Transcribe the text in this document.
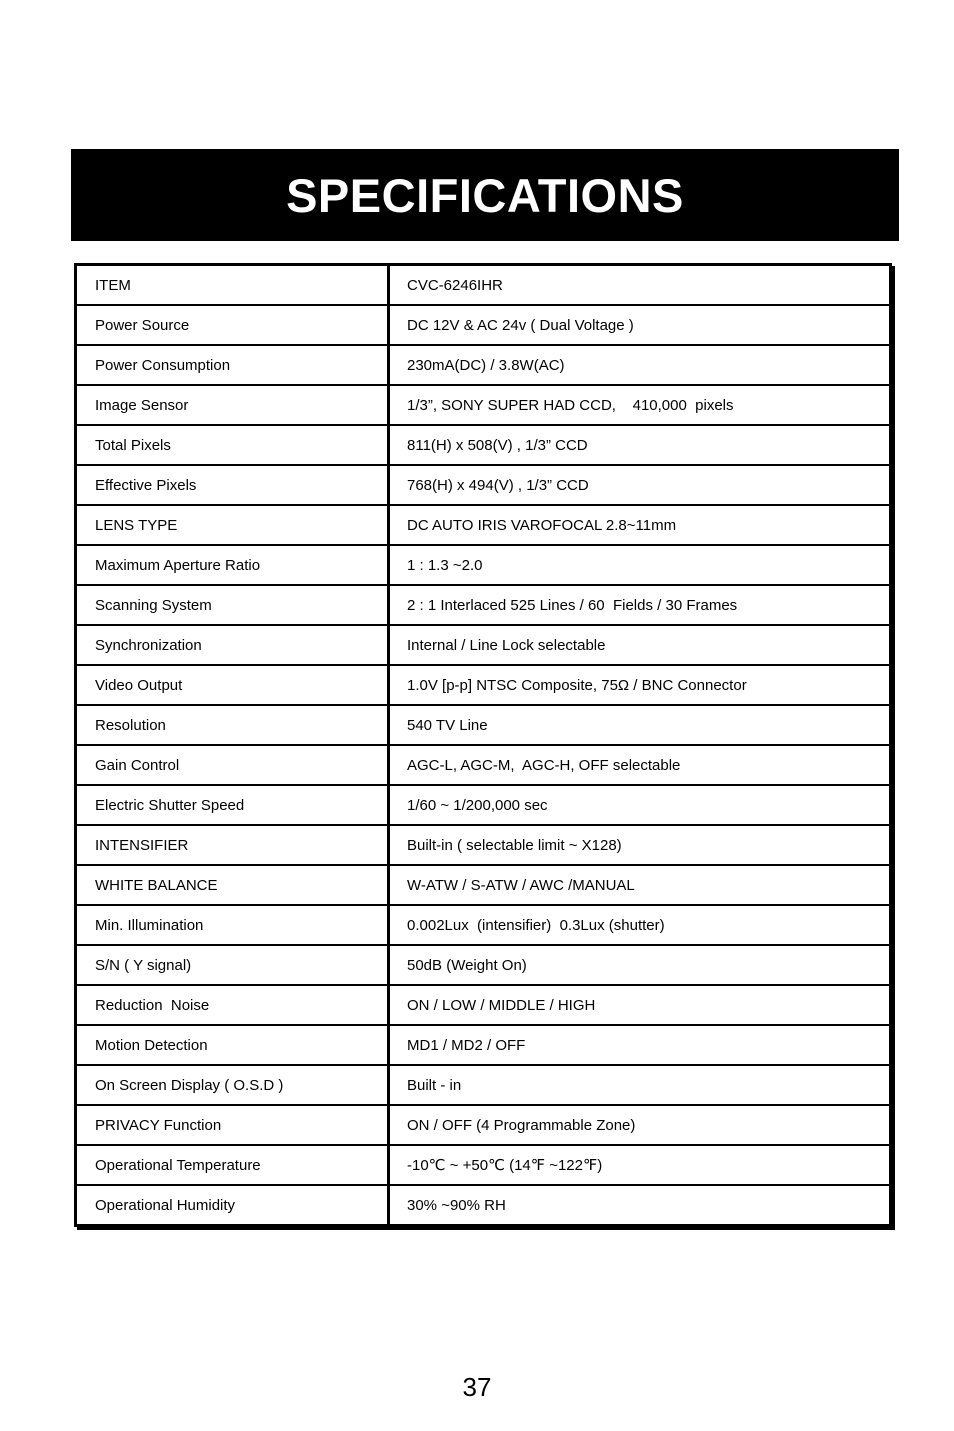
SPECIFICATIONS
ITEM	CVC-6246IHR
Power Source	DC 12V & AC 24v ( Dual Voltage )
Power Consumption	230mA(DC) / 3.8W(AC)
Image Sensor	1/3”, SONY SUPER HAD CCD,    410,000  pixels
Total Pixels	811(H) x 508(V) , 1/3” CCD
Effective Pixels	768(H) x 494(V) , 1/3” CCD
LENS TYPE	DC AUTO IRIS VAROFOCAL 2.8~11mm
Maximum Aperture Ratio	1 : 1.3 ~2.0
Scanning System	2 : 1 Interlaced 525 Lines / 60  Fields / 30 Frames
Synchronization	Internal / Line Lock selectable
Video Output	1.0V [p-p] NTSC Composite, 75Ω / BNC Connector
Resolution	540 TV Line
Gain Control	AGC-L, AGC-M,  AGC-H, OFF selectable
Electric Shutter Speed	1/60 ~ 1/200,000 sec
INTENSIFIER	Built-in ( selectable limit ~ X128)
WHITE BALANCE	W-ATW / S-ATW / AWC /MANUAL
Min. Illumination	0.002Lux  (intensifier)  0.3Lux (shutter)
S/N ( Y signal)	50dB (Weight On)
Reduction  Noise	ON / LOW / MIDDLE / HIGH
Motion Detection	MD1 / MD2 / OFF
On Screen Display ( O.S.D )	Built - in
PRIVACY Function	ON / OFF (4 Programmable Zone)
Operational Temperature	-10℃ ~ +50℃ (14℉ ~122℉)
Operational Humidity	30% ~90% RH
37
